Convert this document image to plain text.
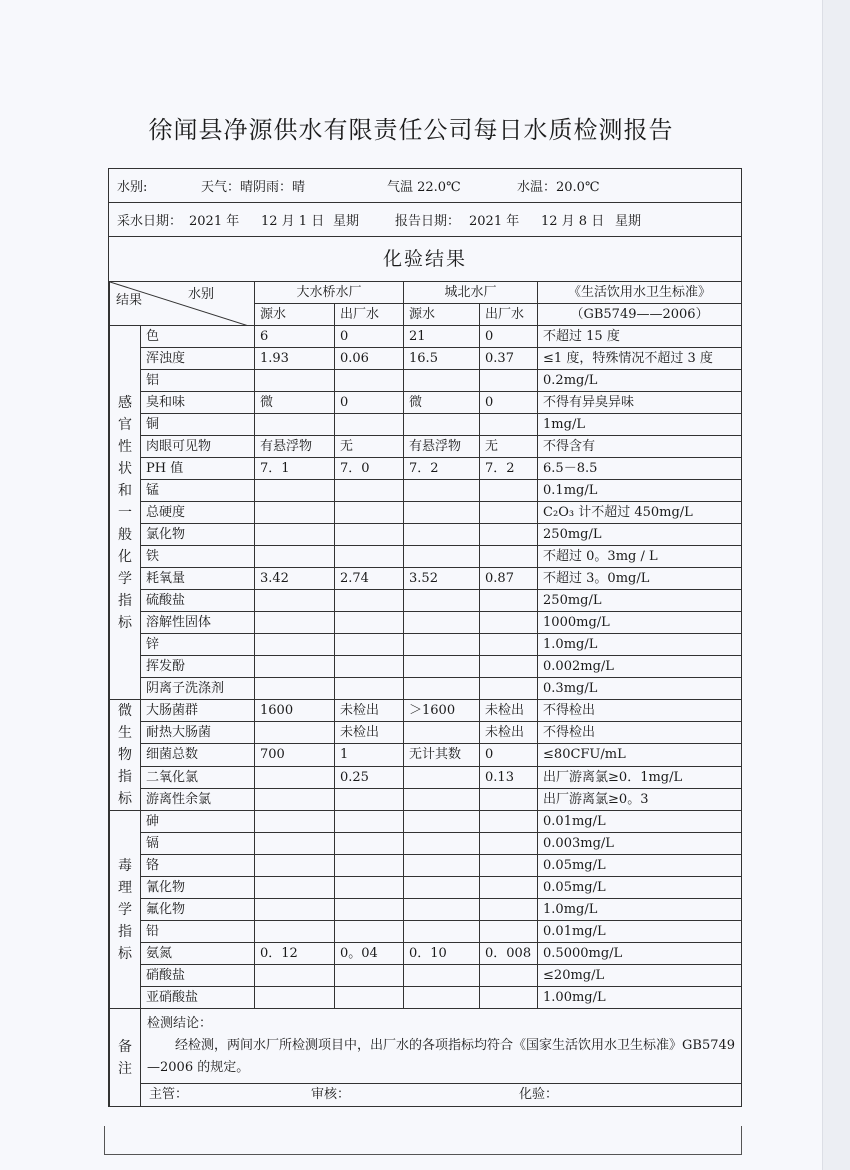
徐闻县净源供水有限责任公司每日水质检测报告
水别:	天气：晴阴雨：晴	气温 22.0℃	水温：20.0℃
采水日期： 2021 年 12 月 1 日 星期	报告日期： 2021 年 12 月 8 日 星期
化验结果
水别
结果		大水桥水厂		城北水厂		《生活饮用水卫生标准》
		源水	出厂水	源水	出厂水	（GB5749——2006）
感官性状和一般化学指标	色	6	0	21	0	不超过 15 度
	浑浊度	1.93	0.06	16.5	0.37	≤1 度，特殊情况不超过 3 度
	铝					0.2mg/L
	臭和味	微	0	微	0	不得有异臭异味
	铜					1mg/L
	肉眼可见物	有悬浮物	无	有悬浮物	无	不得含有
	PH 值	7．1	7．0	7．2	7．2	6.5－8.5
	锰					0.1mg/L
	总硬度					C₂O₃ 计不超过 450mg/L
	氯化物					250mg/L
	铁					不超过 0。3mg / L
	耗氧量	3.42	2.74	3.52	0.87	不超过 3。0mg/L
	硫酸盐					250mg/L
	溶解性固体					1000mg/L
	锌					1.0mg/L
	挥发酚					0.002mg/L
	阴离子洗涤剂					0.3mg/L
微生物指标	大肠菌群	1600	未检出	＞1600	未检出	不得检出
	耐热大肠菌		未检出		未检出	不得检出
	细菌总数	700	1	无计其数	0	≤80CFU/mL
	二氧化氯		0.25		0.13	出厂游离氯≥0．1mg/L
	游离性余氯					出厂游离氯≥0。3
毒理学指标	砷					0.01mg/L
	镉					0.003mg/L
	铬					0.05mg/L
	氰化物					0.05mg/L
	氟化物					1.0mg/L
	铅					0.01mg/L
	氨氮	0．12	0。04	0．10	0．008	0.5000mg/L
	硝酸盐					≤20mg/L
	亚硝酸盐					1.00mg/L
备注	检测结论：
经检测，两间水厂所检测项目中，出厂水的各项指标均符合《国家生活饮用水卫生标准》GB5749—2006 的规定。					

	主管： 审核： 化验：					
